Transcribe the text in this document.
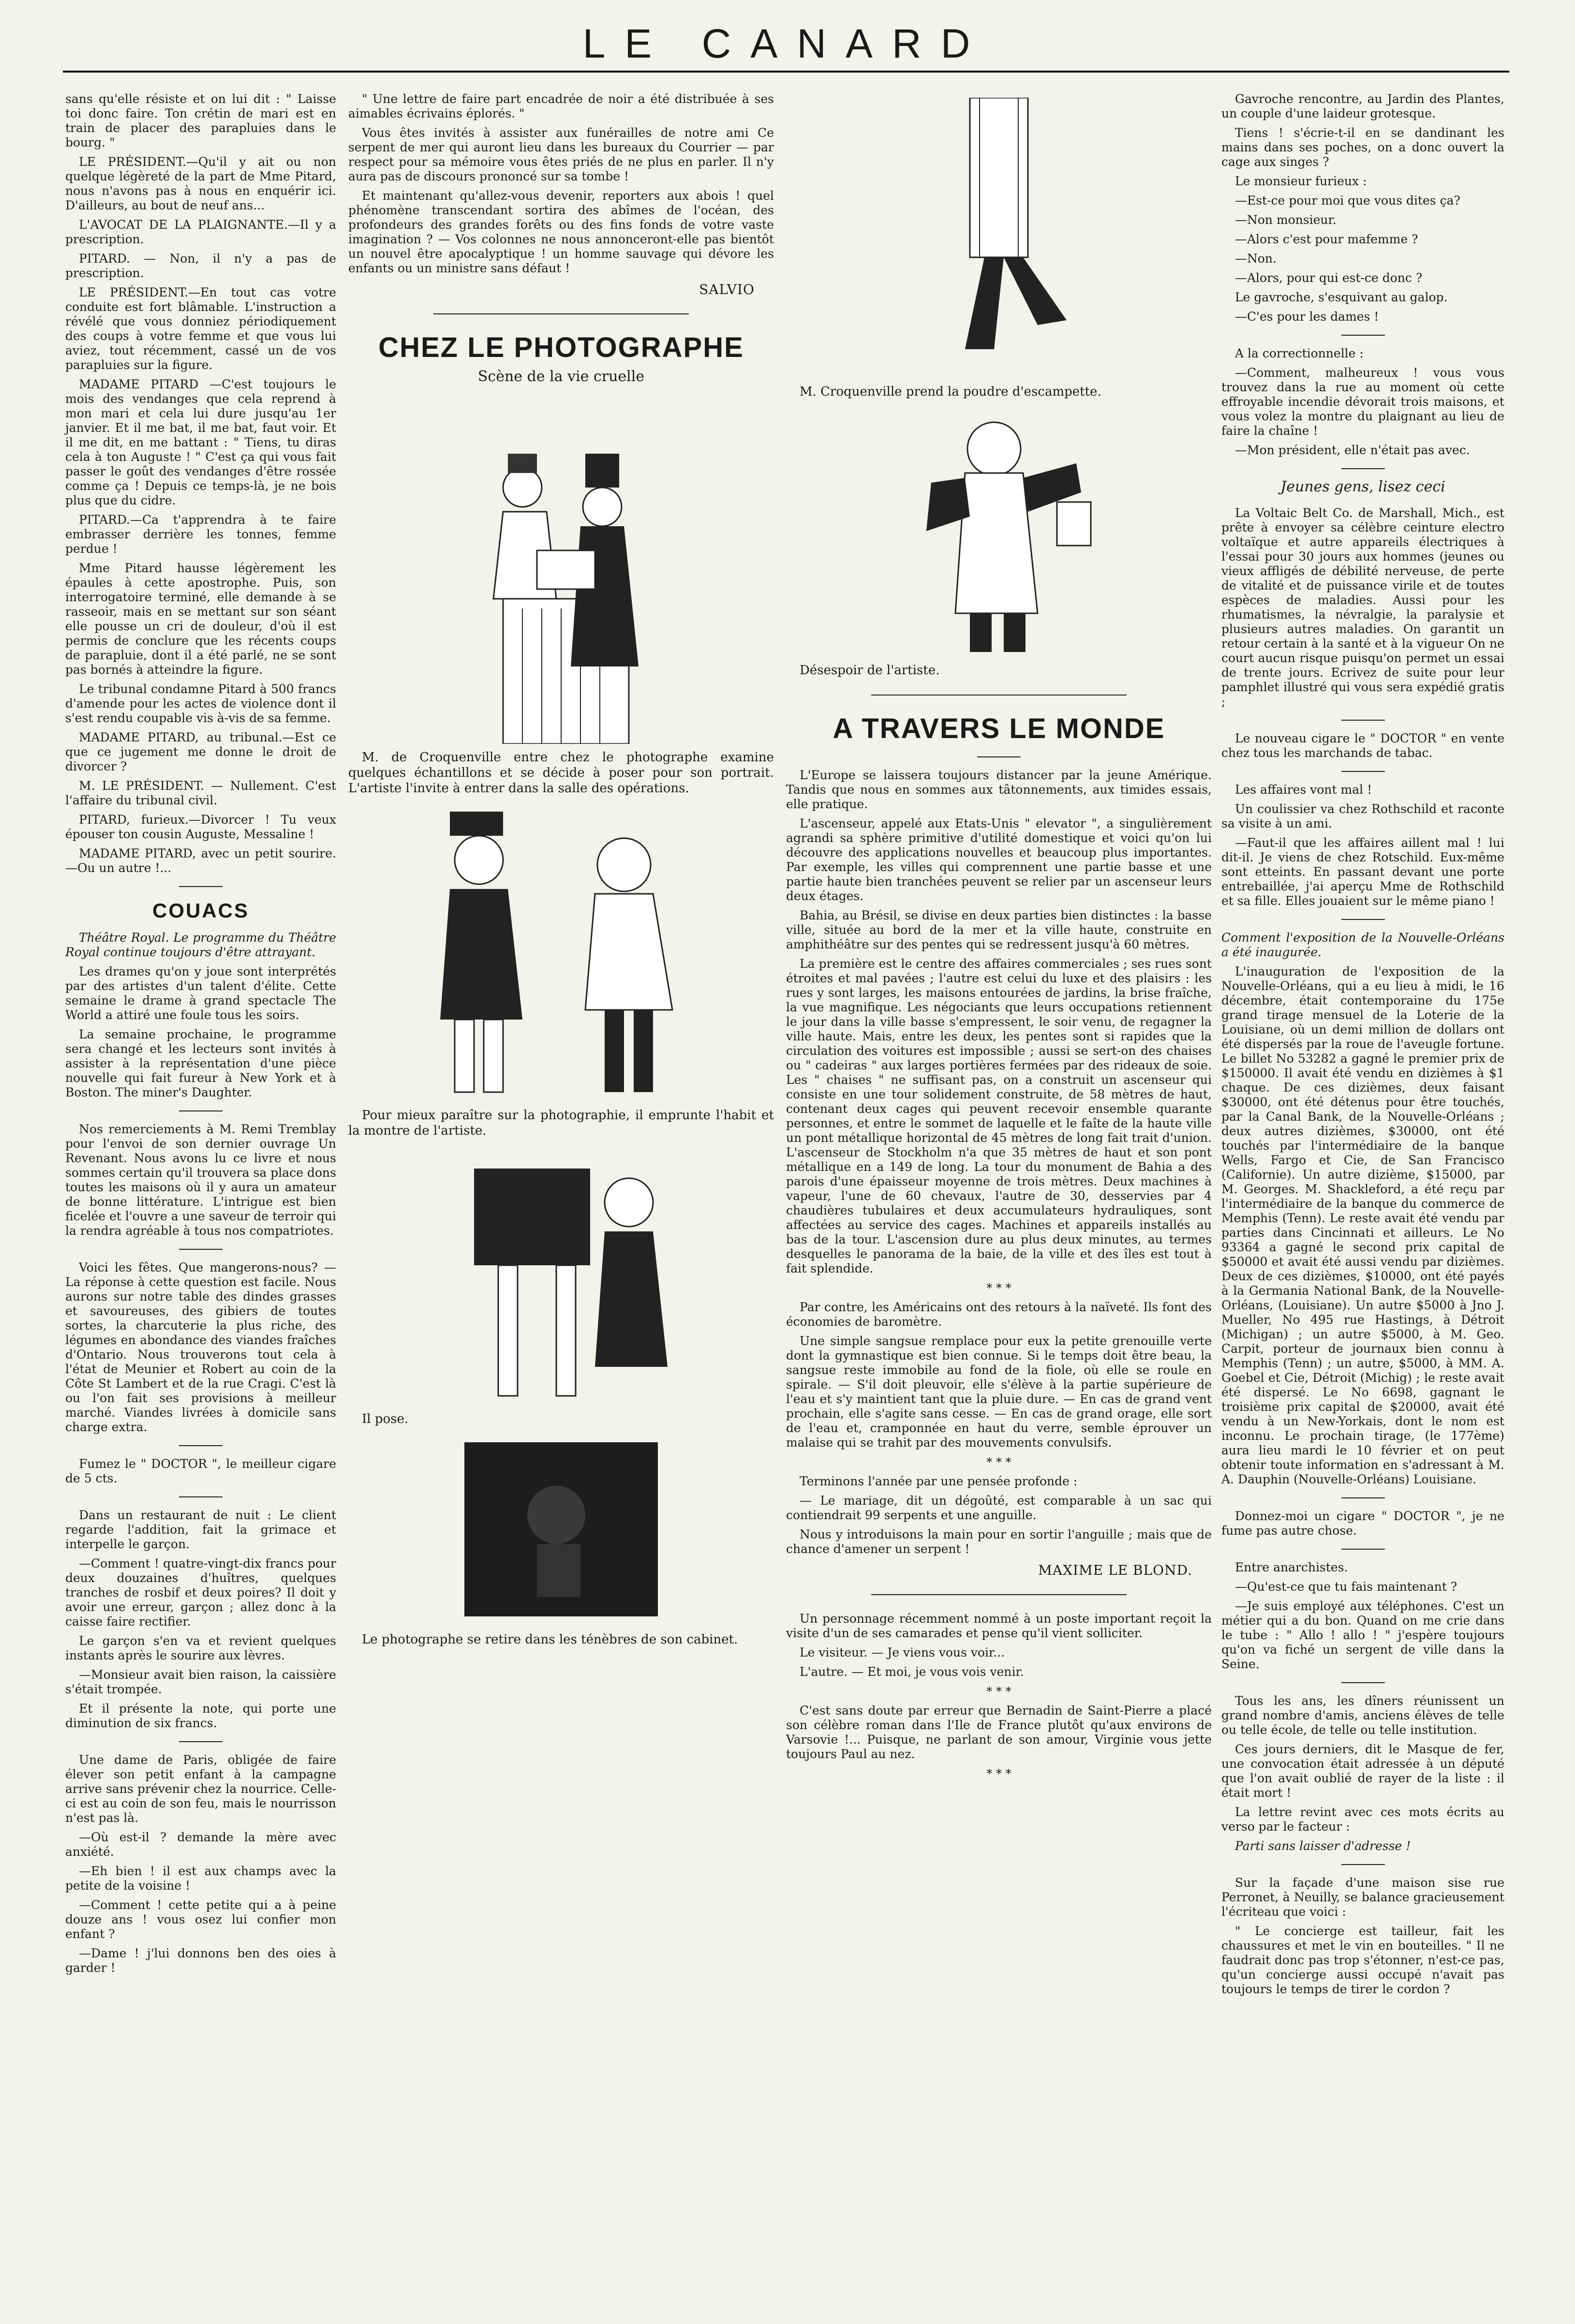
LE CANARD

sans qu'elle résiste et on lui dit : " Laisse toi donc faire. Ton crétin de mari est en train de placer des parapluies dans le bourg. "

LE PRÉSIDENT.—Qu'il y ait ou non quelque légèreté de la part de Mme Pitard, nous n'avons pas à nous en enquérir ici. D'ailleurs, au bout de neuf ans...

L'AVOCAT DE LA PLAIGNANTE.—Il y a prescription.

PITARD. — Non, il n'y a pas de prescription.

LE PRÉSIDENT.—En tout cas votre conduite est fort blâmable. L'instruction a révélé que vous donniez périodiquement des coups à votre femme et que vous lui aviez, tout récemment, cassé un de vos parapluies sur la figure.

MADAME PITARD —C'est toujours le mois des vendanges que cela reprend à mon mari et cela lui dure jusqu'au 1er janvier. Et il me bat, il me bat, faut voir. Et il me dit, en me battant : " Tiens, tu diras cela à ton Auguste ! " C'est ça qui vous fait passer le goût des vendanges d'être rossée comme ça ! Depuis ce temps-là, je ne bois plus que du cidre.

PITARD.—Ca t'apprendra à te faire embrasser derrière les tonnes, femme perdue !

Mme Pitard hausse légèrement les épaules à cette apostrophe. Puis, son interrogatoire terminé, elle demande à se rasseoir, mais en se mettant sur son séant elle pousse un cri de douleur, d'où il est permis de conclure que les récents coups de parapluie, dont il a été parlé, ne se sont pas bornés à atteindre la figure.

Le tribunal condamne Pitard à 500 francs d'amende pour les actes de violence dont il s'est rendu coupable vis à-vis de sa femme.

MADAME PITARD, au tribunal.—Est ce que ce jugement me donne le droit de divorcer ?

M. LE PRÉSIDENT. — Nullement. C'est l'affaire du tribunal civil.

PITARD, furieux.—Divorcer ! Tu veux épouser ton cousin Auguste, Messaline !

MADAME PITARD, avec un petit sourire.—Ou un autre !...

COUACS

Théâtre Royal. Le programme du Théâtre Royal continue toujours d'être attrayant.

Les drames qu'on y joue sont interprétés par des artistes d'un talent d'élite. Cette semaine le drame à grand spectacle The World a attiré une foule tous les soirs.

La semaine prochaine, le programme sera changé et les lecteurs sont invités à assister à la représentation d'une pièce nouvelle qui fait fureur à New York et à Boston. The miner's Daughter.

Nos remerciements à M. Remi Tremblay pour l'envoi de son dernier ouvrage Un Revenant. Nous avons lu ce livre et nous sommes certain qu'il trouvera sa place dons toutes les maisons où il y aura un amateur de bonne littérature. L'intrigue est bien ficelée et l'ouvre a une saveur de terroir qui la rendra agréable à tous nos compatriotes.

Voici les fêtes. Que mangerons-nous? — La réponse à cette question est facile. Nous aurons sur notre table des dindes grasses et savoureuses, des gibiers de toutes sortes, la charcuterie la plus riche, des légumes en abondance des viandes fraîches d'Ontario. Nous trouverons tout cela à l'état de Meunier et Robert au coin de la Côte St Lambert et de la rue Cragi. C'est là ou l'on fait ses provisions à meilleur marché. Viandes livrées à domicile sans charge extra.

Fumez le " DOCTOR ", le meilleur cigare de 5 cts.

Dans un restaurant de nuit : Le client regarde l'addition, fait la grimace et interpelle le garçon.

—Comment ! quatre-vingt-dix francs pour deux douzaines d'huîtres, quelques tranches de rosbif et deux poires? Il doit y avoir une erreur, garçon ; allez donc à la caisse faire rectifier.

Le garçon s'en va et revient quelques instants après le sourire aux lèvres.

—Monsieur avait bien raison, la caissière s'était trompée.

Et il présente la note, qui porte une diminution de six francs.

Une dame de Paris, obligée de faire élever son petit enfant à la campagne arrive sans prévenir chez la nourrice. Celle-ci est au coin de son feu, mais le nourrisson n'est pas là.

—Où est-il ? demande la mère avec anxiété.

—Eh bien ! il est aux champs avec la petite de la voisine !

—Comment ! cette petite qui a à peine douze ans ! vous osez lui confier mon enfant ?

—Dame ! j'lui donnons ben des oies à garder !

" Une lettre de faire part encadrée de noir a été distribuée à ses aimables écrivains éplorés. "

Vous êtes invités à assister aux funérailles de notre ami Ce serpent de mer qui auront lieu dans les bureaux du Courrier — par respect pour sa mémoire vous êtes priés de ne plus en parler. Il n'y aura pas de discours prononcé sur sa tombe !

Et maintenant qu'allez-vous devenir, reporters aux abois ! quel phénomène transcendant sortira des abîmes de l'océan, des profondeurs des grandes forêts ou des fins fonds de votre vaste imagination ? — Vos colonnes ne nous annonceront-elle pas bientôt un nouvel être apocalyptique ! un homme sauvage qui dévore les enfants ou un ministre sans défaut !

SALVIO
CHEZ LE PHOTOGRAPHE
Scène de la vie cruelle

M. de Croquenville entre chez le photographe examine quelques échantillons et se décide à poser pour son portrait. L'artiste l'invite à entrer dans la salle des opérations.

Pour mieux paraître sur la photographie, il emprunte l'habit et la montre de l'artiste.

Il pose.

Le photographe se retire dans les ténèbres de son cabinet.

M. Croquenville prend la poudre d'escampette.

Désespoir de l'artiste.

A TRAVERS LE MONDE

L'Europe se laissera toujours distancer par la jeune Amérique. Tandis que nous en sommes aux tâtonnements, aux timides essais, elle pratique.

L'ascenseur, appelé aux Etats-Unis " elevator ", a singulièrement agrandi sa sphère primitive d'utilité domestique et voici qu'on lui découvre des applications nouvelles et beaucoup plus importantes. Par exemple, les villes qui comprennent une partie basse et une partie haute bien tranchées peuvent se relier par un ascenseur leurs deux étages.

Bahia, au Brésil, se divise en deux parties bien distinctes : la basse ville, située au bord de la mer et la ville haute, construite en amphithéâtre sur des pentes qui se redressent jusqu'à 60 mètres.

La première est le centre des affaires commerciales ; ses rues sont étroites et mal pavées ; l'autre est celui du luxe et des plaisirs : les rues y sont larges, les maisons entourées de jardins, la brise fraîche, la vue magnifique. Les négociants que leurs occupations retiennent le jour dans la ville basse s'empressent, le soir venu, de regagner la ville haute. Mais, entre les deux, les pentes sont si rapides que la circulation des voitures est impossible ; aussi se sert-on des chaises ou " cadeiras " aux larges portières fermées par des rideaux de soie. Les " chaises " ne suffisant pas, on a construit un ascenseur qui consiste en une tour solidement construite, de 58 mètres de haut, contenant deux cages qui peuvent recevoir ensemble quarante personnes, et entre le sommet de laquelle et le faîte de la haute ville un pont métallique horizontal de 45 mètres de long fait trait d'union. L'ascenseur de Stockholm n'a que 35 mètres de haut et son pont métallique en a 149 de long. La tour du monument de Bahia a des parois d'une épaisseur moyenne de trois mètres. Deux machines à vapeur, l'une de 60 chevaux, l'autre de 30, desservies par 4 chaudières tubulaires et deux accumulateurs hydrauliques, sont affectées au service des cages. Machines et appareils installés au bas de la tour. L'ascension dure au plus deux minutes, au termes desquelles le panorama de la baie, de la ville et des îles est tout à fait splendide.

* * *

Par contre, les Américains ont des retours à la naïveté. Ils font des économies de baromètre.

Une simple sangsue remplace pour eux la petite grenouille verte dont la gymnastique est bien connue. Si le temps doit être beau, la sangsue reste immobile au fond de la fiole, où elle se roule en spirale. — S'il doit pleuvoir, elle s'élève à la partie supérieure de l'eau et s'y maintient tant que la pluie dure. — En cas de grand vent prochain, elle s'agite sans cesse. — En cas de grand orage, elle sort de l'eau et, cramponnée en haut du verre, semble éprouver un malaise qui se trahit par des mouvements convulsifs.

* * *

Terminons l'année par une pensée profonde :

— Le mariage, dit un dégoûté, est comparable à un sac qui contiendrait 99 serpents et une anguille.

Nous y introduisons la main pour en sortir l'anguille ; mais que de chance d'amener un serpent !

MAXIME LE BLOND.

Un personnage récemment nommé à un poste important reçoit la visite d'un de ses camarades et pense qu'il vient solliciter.

Le visiteur. — Je viens vous voir...

L'autre. — Et moi, je vous vois venir.

* * *

C'est sans doute par erreur que Bernadin de Saint-Pierre a placé son célèbre roman dans l'Ile de France plutôt qu'aux environs de Varsovie !... Puisque, ne parlant de son amour, Virginie vous jette toujours Paul au nez.

* * *

Gavroche rencontre, au Jardin des Plantes, un couple d'une laideur grotesque.

Tiens ! s'écrie-t-il en se dandinant les mains dans ses poches, on a donc ouvert la cage aux singes ?

Le monsieur furieux :

—Est-ce pour moi que vous dites ça?

—Non monsieur.

—Alors c'est pour mafemme ?

—Non.

—Alors, pour qui est-ce donc ?

Le gavroche, s'esquivant au galop.

—C'es pour les dames !

A la correctionnelle :

—Comment, malheureux ! vous vous trouvez dans la rue au moment où cette effroyable incendie dévorait trois maisons, et vous volez la montre du plaignant au lieu de faire la chaîne !

—Mon président, elle n'était pas avec.

Jeunes gens, lisez ceci

La Voltaic Belt Co. de Marshall, Mich., est prête à envoyer sa célèbre ceinture electro voltaïque et autre appareils électriques à l'essai pour 30 jours aux hommes (jeunes ou vieux affligés de débilité nerveuse, de perte de vitalité et de puissance virile et de toutes espèces de maladies. Aussi pour les rhumatismes, la névralgie, la paralysie et plusieurs autres maladies. On garantit un retour certain à la santé et à la vigueur On ne court aucun risque puisqu'on permet un essai de trente jours. Ecrivez de suite pour leur pamphlet illustré qui vous sera expédié gratis ;

Le nouveau cigare le " DOCTOR " en vente chez tous les marchands de tabac.

Les affaires vont mal !

Un coulissier va chez Rothschild et raconte sa visite à un ami.

—Faut-il que les affaires aillent mal ! lui dit-il. Je viens de chez Rotschild. Eux-même sont etteints. En passant devant une porte entrebaillée, j'ai aperçu Mme de Rothschild et sa fille. Elles jouaient sur le même piano !

Comment l'exposition de la Nouvelle-Orléans a été inaugurée.

L'inauguration de l'exposition de la Nouvelle-Orléans, qui a eu lieu à midi, le 16 décembre, était contemporaine du 175e grand tirage mensuel de la Loterie de la Louisiane, où un demi million de dollars ont été dispersés par la roue de l'aveugle fortune. Le billet No 53282 a gagné le premier prix de $150000. Il avait été vendu en dizièmes à $1 chaque. De ces dizièmes, deux faisant $30000, ont été détenus pour être touchés, par la Canal Bank, de la Nouvelle-Orléans ; deux autres dizièmes, $30000, ont été touchés par l'intermédiaire de la banque Wells, Fargo et Cie, de San Francisco (Californie). Un autre dizième, $15000, par M. Georges. M. Shackleford, a été reçu par l'intermédiaire de la banque du commerce de Memphis (Tenn). Le reste avait été vendu par parties dans Cincinnati et ailleurs. Le No 93364 a gagné le second prix capital de $50000 et avait été aussi vendu par dizièmes. Deux de ces dizièmes, $10000, ont été payés à la Germania National Bank, de la Nouvelle-Orléans, (Louisiane). Un autre $5000 à Jno J. Mueller, No 495 rue Hastings, à Détroit (Michigan) ; un autre $5000, à M. Geo. Carpit, porteur de journaux bien connu à Memphis (Tenn) ; un autre, $5000, à MM. A. Goebel et Cie, Détroit (Michig) ; le reste avait été dispersé. Le No 6698, gagnant le troisième prix capital de $20000, avait été vendu à un New-Yorkais, dont le nom est inconnu. Le prochain tirage, (le 177ème) aura lieu mardi le 10 février et on peut obtenir toute information en s'adressant à M. A. Dauphin (Nouvelle-Orléans) Louisiane.

Donnez-moi un cigare " DOCTOR ", je ne fume pas autre chose.

Entre anarchistes.

—Qu'est-ce que tu fais maintenant ?

—Je suis employé aux téléphones. C'est un métier qui a du bon. Quand on me crie dans le tube : " Allo ! allo ! " j'espère toujours qu'on va fiché un sergent de ville dans la Seine.

Tous les ans, les dîners réunissent un grand nombre d'amis, anciens élèves de telle ou telle école, de telle ou telle institution.

Ces jours derniers, dit le Masque de fer, une convocation était adressée à un député que l'on avait oublié de rayer de la liste : il était mort !

La lettre revint avec ces mots écrits au verso par le facteur :

Parti sans laisser d'adresse !

Sur la façade d'une maison sise rue Perronet, à Neuilly, se balance gracieusement l'écriteau que voici :

" Le concierge est tailleur, fait les chaussures et met le vin en bouteilles. " Il ne faudrait donc pas trop s'étonner, n'est-ce pas, qu'un concierge aussi occupé n'avait pas toujours le temps de tirer le cordon ?
